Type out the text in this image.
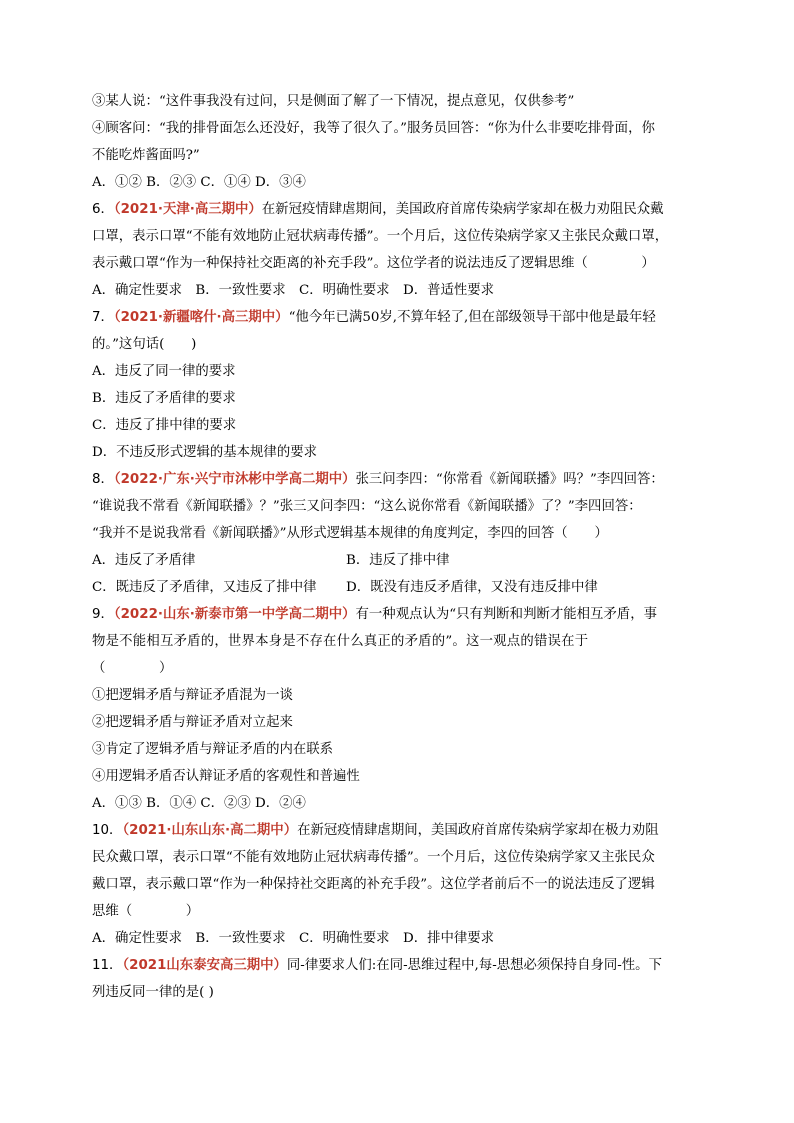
③某人说：“这件事我没有过问，只是侧面了解了一下情况，提点意见，仅供参考”
④顾客问：“我的排骨面怎么还没好，我等了很久了。”服务员回答：“你为什么非要吃排骨面，你
不能吃炸酱面吗?”
A．①② B．②③ C．①④ D．③④
6．（2021·天津·高三期中）在新冠疫情肆虐期间，美国政府首席传染病学家却在极力劝阻民众戴
口罩，表示口罩“不能有效地防止冠状病毒传播”。一个月后，这位传染病学家又主张民众戴口罩，
表示戴口罩“作为一种保持社交距离的补充手段”。这位学者的说法违反了逻辑思维（　　　　）
A．确定性要求　B．一致性要求　C．明确性要求　D．普适性要求
7．（2021·新疆喀什·高三期中）“他今年已满50岁,不算年轻了,但在部级领导干部中他是最年轻
的。”这句话(　　)
A．违反了同一律的要求
B．违反了矛盾律的要求
C．违反了排中律的要求
D．不违反形式逻辑的基本规律的要求
8．（2022·广东·兴宁市沐彬中学高二期中）张三问李四：“你常看《新闻联播》吗？”李四回答：
“谁说我不常看《新闻联播》？”张三又问李四：“这么说你常看《新闻联播》了？”李四回答：
“我并不是说我常看《新闻联播》”从形式逻辑基本规律的角度判定，李四的回答（　　）
A．违反了矛盾律	B．违反了排中律
C．既违反了矛盾律，又违反了排中律	D．既没有违反矛盾律，又没有违反排中律
9．（2022·山东·新泰市第一中学高二期中）有一种观点认为“只有判断和判断才能相互矛盾，事
物是不能相互矛盾的，世界本身是不存在什么真正的矛盾的”。这一观点的错误在于
（　　　　）
①把逻辑矛盾与辩证矛盾混为一谈
②把逻辑矛盾与辩证矛盾对立起来
③肯定了逻辑矛盾与辩证矛盾的内在联系
④用逻辑矛盾否认辩证矛盾的客观性和普遍性
A．①③ B．①④ C．②③ D．②④
10．（2021·山东山东·高二期中）在新冠疫情肆虐期间，美国政府首席传染病学家却在极力劝阻
民众戴口罩，表示口罩“不能有效地防止冠状病毒传播”。一个月后，这位传染病学家又主张民众
戴口罩，表示戴口罩“作为一种保持社交距离的补充手段”。这位学者前后不一的说法违反了逻辑
思维（　　　　）
A．确定性要求　B．一致性要求　C．明确性要求　D．排中律要求
11．（2021山东泰安高三期中）同-律要求人们:在同-思维过程中,每-思想必须保持自身同-性。下
列违反同一律的是( )
